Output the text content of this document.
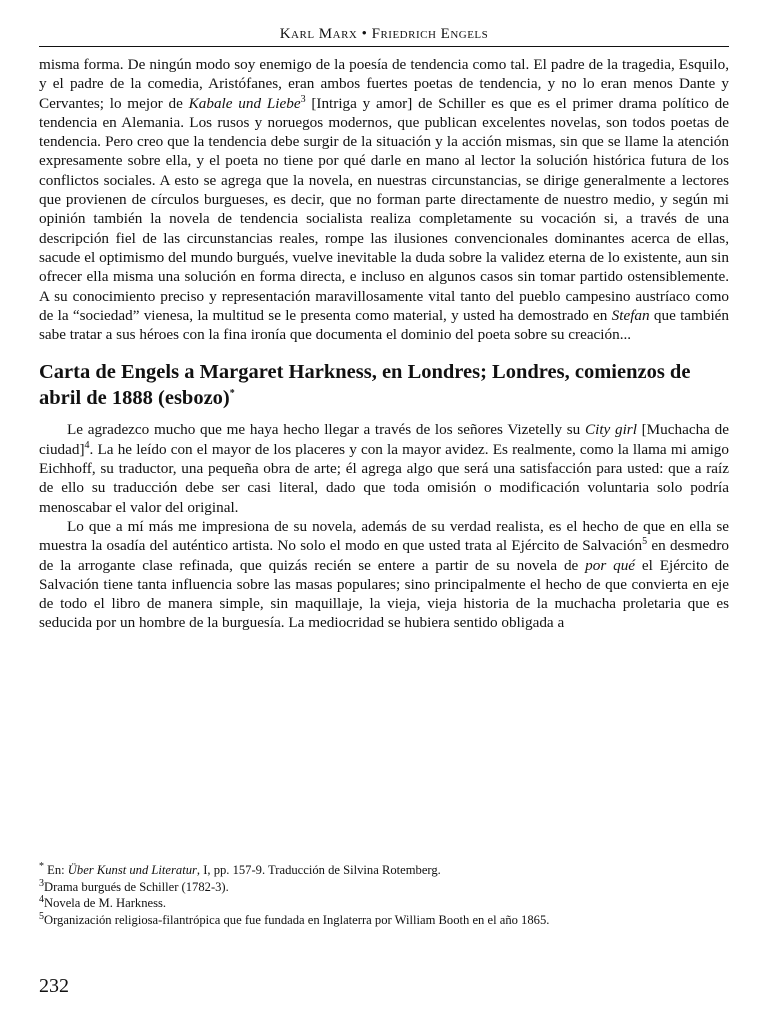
Karl Marx • Friedrich Engels

misma forma. De ningún modo soy enemigo de la poesía de tendencia como tal. El padre de la tragedia, Esquilo, y el padre de la comedia, Aristófanes, eran ambos fuertes poetas de tendencia, y no lo eran menos Dante y Cervantes; lo mejor de Kabale und Liebe$^3$ [Intriga y amor] de Schiller es que es el primer drama político de tendencia en Alemania. Los rusos y noruegos modernos, que publican excelentes novelas, son todos poetas de tendencia. Pero creo que la tendencia debe surgir de la situación y la acción mismas, sin que se llame la atención expresamente sobre ella, y el poeta no tiene por qué darle en mano al lector la solución histórica futura de los conflictos sociales. A esto se agrega que la novela, en nuestras circunstancias, se dirige generalmente a lectores que provienen de círculos burgueses, es decir, que no forman parte directamente de nuestro medio, y según mi opinión también la novela de tendencia socialista realiza completamente su vocación si, a través de una descripción fiel de las circunstancias reales, rompe las ilusiones convencionales dominantes acerca de ellas, sacude el optimismo del mundo burgués, vuelve inevitable la duda sobre la validez eterna de lo existente, aun sin ofrecer ella misma una solución en forma directa, e incluso en algunos casos sin tomar partido ostensiblemente. A su conocimiento preciso y representación maravillosamente vital tanto del pueblo campesino austríaco como de la “sociedad” vienesa, la multitud se le presenta como material, y usted ha demostrado en Stefan que también sabe tratar a sus héroes con la fina ironía que documenta el dominio del poeta sobre su creación...

Carta de Engels a Margaret Harkness, en Londres; Londres, comienzos de abril de 1888 (esbozo)*

Le agradezco mucho que me haya hecho llegar a través de los señores Vizetelly su City girl [Muchacha de ciudad]$^4$. La he leído con el mayor de los placeres y con la mayor avidez. Es realmente, como la llama mi amigo Eichhoff, su traductor, una pequeña obra de arte; él agrega algo que será una satisfacción para usted: que a raíz de ello su traducción debe ser casi literal, dado que toda omisión o modificación voluntaria solo podría menoscabar el valor del original.

Lo que a mí más me impresiona de su novela, además de su verdad realista, es el hecho de que en ella se muestra la osadía del auténtico artista. No solo el modo en que usted trata al Ejército de Salvación$^5$ en desmedro de la arrogante clase refinada, que quizás recién se entere a partir de su novela de por qué el Ejército de Salvación tiene tanta influencia sobre las masas populares; sino principalmente el hecho de que convierta en eje de todo el libro de manera simple, sin maquillaje, la vieja, vieja historia de la muchacha proletaria que es seducida por un hombre de la burguesía. La mediocridad se hubiera sentido obligada a

* En: Über Kunst und Literatur, I, pp. 157-9. Traducción de Silvina Rotemberg.
$^3$Drama burgués de Schiller (1782-3).
$^4$Novela de M. Harkness.
$^5$Organización religiosa-filantrópica que fue fundada en Inglaterra por William Booth en el año 1865.
232
